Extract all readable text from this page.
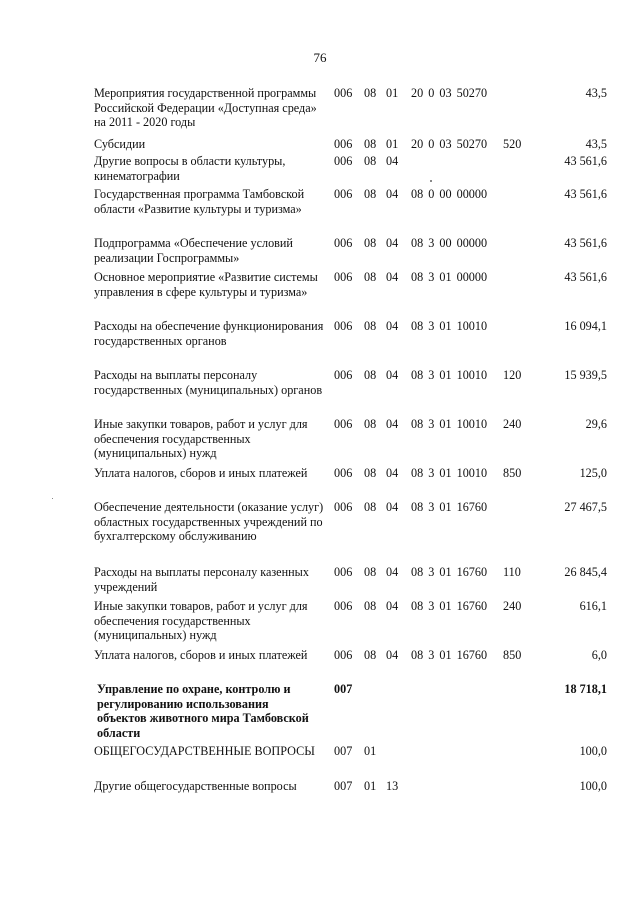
76
Мероприятия государственной программы Российской Федерации «Доступная среда» на 2011 - 2020 годы
006 08 01 20 0 03 50270	43,5
Субсидии	006 08 01 20 0 03 50270 520	43,5
Другие вопросы в области культуры, кинематографии
006 08 04	43 561,6
Государственная программа Тамбовской области «Развитие культуры и туризма»
006 08 04 08 0 00 00000	43 561,6
Подпрограмма «Обеспечение условий реализации Госпрограммы»
006 08 04 08 3 00 00000	43 561,6
Основное мероприятие «Развитие системы управления в сфере культуры и туризма»
006 08 04 08 3 01 00000	43 561,6
Расходы на обеспечение функционирования государственных органов
006 08 04 08 3 01 10010	16 094,1
Расходы на выплаты персоналу государственных (муниципальных) органов
006 08 04 08 3 01 10010 120	15 939,5
Иные закупки товаров, работ и услуг для обеспечения государственных (муниципальных) нужд
006 08 04 08 3 01 10010 240	29,6
Уплата налогов, сборов и иных платежей	006 08 04 08 3 01 10010 850	125,0
Обеспечение деятельности (оказание услуг) областных государственных учреждений по бухгалтерскому обслуживанию
006 08 04 08 3 01 16760	27 467,5
Расходы на выплаты персоналу казенных учреждений
006 08 04 08 3 01 16760 110	26 845,4
Иные закупки товаров, работ и услуг для обеспечения государственных (муниципальных) нужд
006 08 04 08 3 01 16760 240	616,1
Уплата налогов, сборов и иных платежей	006 08 04 08 3 01 16760 850	6,0
Управление по охране, контролю и регулированию использования объектов животного мира Тамбовской области
007	18 718,1
ОБЩЕГОСУДАРСТВЕННЫЕ ВОПРОСЫ	007 01	100,0
Другие общегосударственные вопросы	007 01 13	100,0
